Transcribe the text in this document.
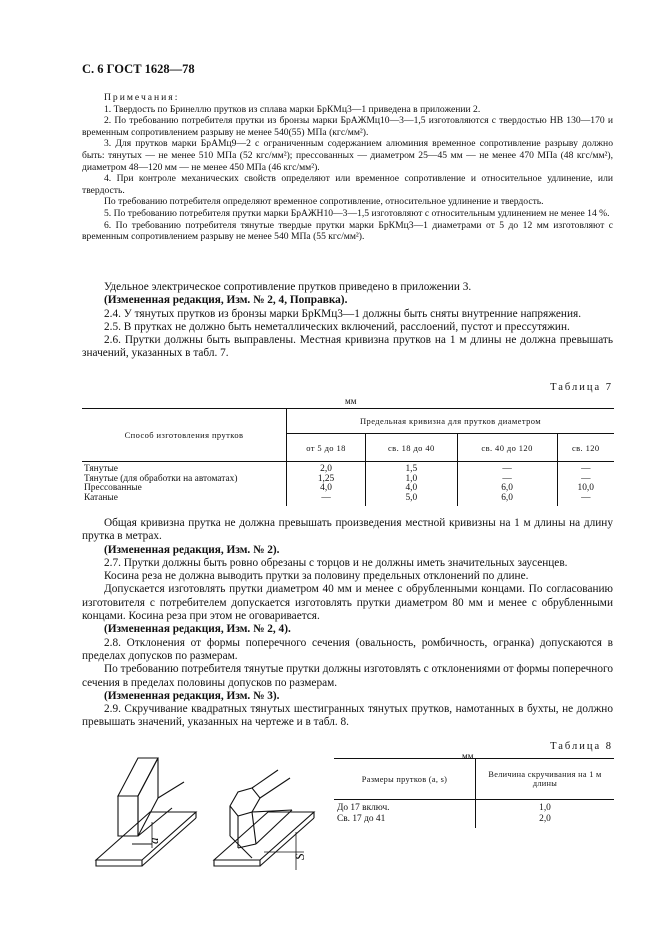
С. 6 ГОСТ 1628—78

Примечания:

1. Твердость по Бринеллю прутков из сплава марки БрКМц3—1 приведена в приложении 2.

2. По требованию потребителя прутки из бронзы марки БрАЖМц10—3—1,5 изготовляются с твердостью НВ 130—170 и временным сопротивлением разрыву не менее 540(55) МПа (кгс/мм²).

3. Для прутков марки БрАМц9—2 с ограниченным содержанием алюминия временное сопротивление разрыву должно быть: тянутых — не менее 510 МПа (52 кгс/мм²); прессованных — диаметром 25—45 мм — не менее 470 МПа (48 кгс/мм²), диаметром 48—120 мм — не менее 450 МПа (46 кгс/мм²).

4. При контроле механических свойств определяют или временное сопротивление и относительное удлинение, или твердость.

По требованию потребителя определяют временное сопротивление, относительное удлинение и твердость.

5. По требованию потребителя прутки марки БрАЖН10—3—1,5 изготовляют с относительным удлинением не менее 14 %.

6. По требованию потребителя тянутые твердые прутки марки БрКМц3—1 диаметрами от 5 до 12 мм изготовляют с временным сопротивлением разрыву не менее 540 МПа (55 кгс/мм²).

Удельное электрическое сопротивление прутков приведено в приложении 3.

(Измененная редакция, Изм. № 2, 4, Поправка).

2.4. У тянутых прутков из бронзы марки БрКМц3—1 должны быть сняты внутренние напряжения.

2.5. В прутках не должно быть неметаллических включений, расслоений, пустот и прессутяжин.

2.6. Прутки должны быть выправлены. Местная кривизна прутков на 1 м длины не должна превышать значений, указанных в табл. 7.

Таблица 7
мм
Способ изготовления прутков	Предельная кривизна для прутков диаметром			
	от 5 до 18	св. 18 до 40	св. 40 до 120	св. 120
Тянутые	2,0	1,5	—	—
Тянутые (для обработки на автоматах)	1,25	1,0	—	—
Прессованные	4,0	4,0	6,0	10,0
Катаные	—	5,0	6,0	—

Общая кривизна прутка не должна превышать произведения местной кривизны на 1 м длины на длину прутка в метрах.

(Измененная редакция, Изм. № 2).

2.7. Прутки должны быть ровно обрезаны с торцов и не должны иметь значительных заусенцев.

Косина реза не должна выводить прутки за половину предельных отклонений по длине.

Допускается изготовлять прутки диаметром 40 мм и менее с обрубленными концами. По согласованию изготовителя с потребителем допускается изготовлять прутки диаметром 80 мм и менее с обрубленными концами. Косина реза при этом не оговаривается.

(Измененная редакция, Изм. № 2, 4).

2.8. Отклонения от формы поперечного сечения (овальность, ромбичность, огранка) допускаются в пределах допусков по размерам.

По требованию потребителя тянутые прутки должны изготовлять с отклонениями от формы поперечного сечения в пределах половины допусков по размерам.

(Измененная редакция, Изм. № 3).

2.9. Скручивание квадратных тянутых шестигранных тянутых прутков, намотанных в бухты, не должно превышать значений, указанных на чертеже и в табл. 8.

a
S
Таблица 8
мм
Размеры прутков (а, s)	Величина скручивания на 1 м длины
До 17 включ.	1,0
Св. 17 до 41	2,0
